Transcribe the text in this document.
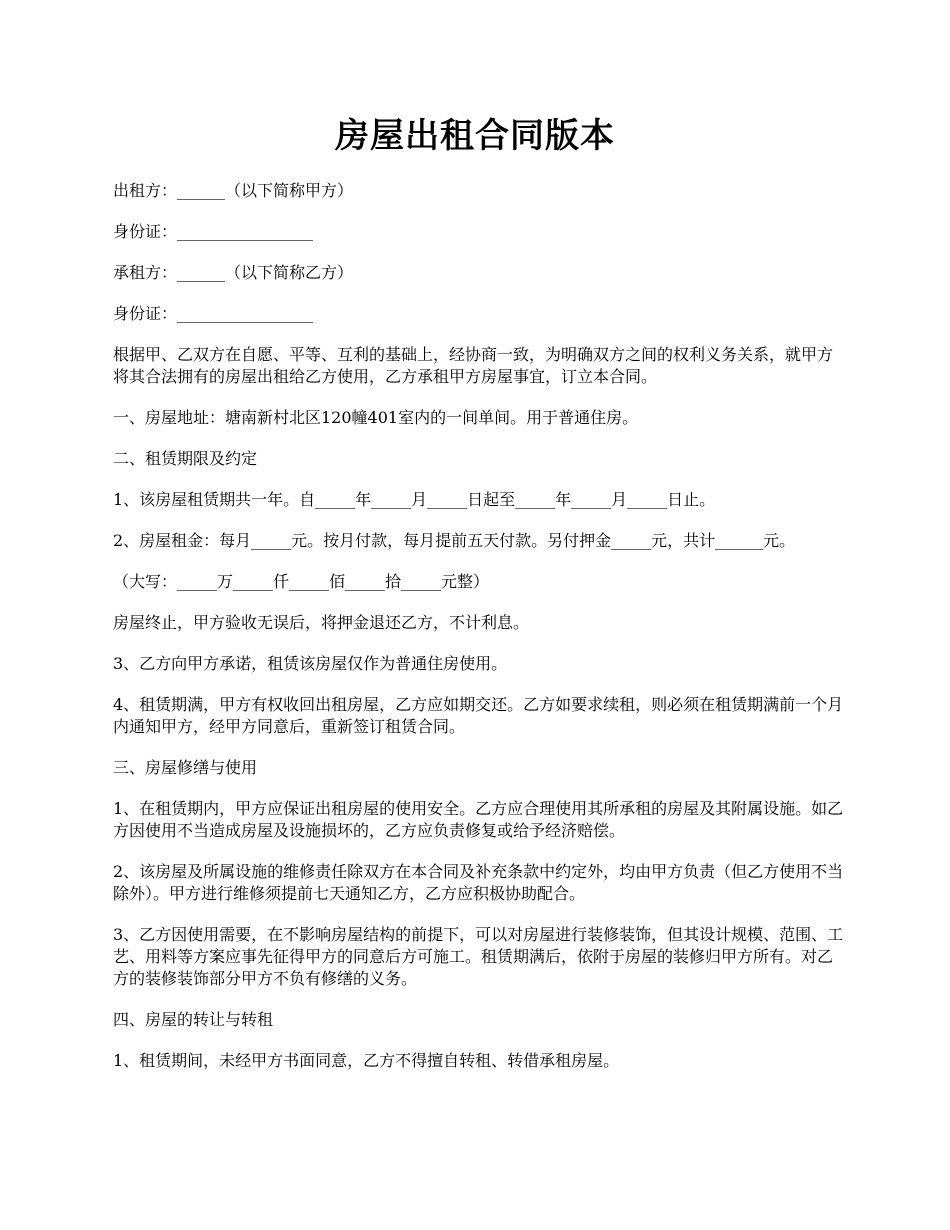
房屋出租合同版本

出租方：______（以下简称甲方）

身份证：_________________

承租方：______（以下简称乙方）

身份证：_________________

根据甲、乙双方在自愿、平等、互利的基础上，经协商一致，为明确双方之间的权利义务关系，就甲方将其合法拥有的房屋出租给乙方使用，乙方承租甲方房屋事宜，订立本合同。

一、房屋地址：塘南新村北区120幢401室内的一间单间。用于普通住房。

二、租赁期限及约定

1、该房屋租赁期共一年。自_____年_____月_____日起至_____年_____月_____日止。

2、房屋租金：每月_____元。按月付款，每月提前五天付款。另付押金_____元，共计______元。

（大写：_____万_____仟_____佰_____拾_____元整）

房屋终止，甲方验收无误后，将押金退还乙方，不计利息。

3、乙方向甲方承诺，租赁该房屋仅作为普通住房使用。

4、租赁期满，甲方有权收回出租房屋，乙方应如期交还。乙方如要求续租，则必须在租赁期满前一个月内通知甲方，经甲方同意后，重新签订租赁合同。

三、房屋修缮与使用

1、在租赁期内，甲方应保证出租房屋的使用安全。乙方应合理使用其所承租的房屋及其附属设施。如乙方因使用不当造成房屋及设施损坏的，乙方应负责修复或给予经济赔偿。

2、该房屋及所属设施的维修责任除双方在本合同及补充条款中约定外，均由甲方负责（但乙方使用不当除外）。甲方进行维修须提前七天通知乙方，乙方应积极协助配合。

3、乙方因使用需要，在不影响房屋结构的前提下，可以对房屋进行装修装饰，但其设计规模、范围、工艺、用料等方案应事先征得甲方的同意后方可施工。租赁期满后，依附于房屋的装修归甲方所有。对乙方的装修装饰部分甲方不负有修缮的义务。

四、房屋的转让与转租

1、租赁期间，未经甲方书面同意，乙方不得擅自转租、转借承租房屋。
